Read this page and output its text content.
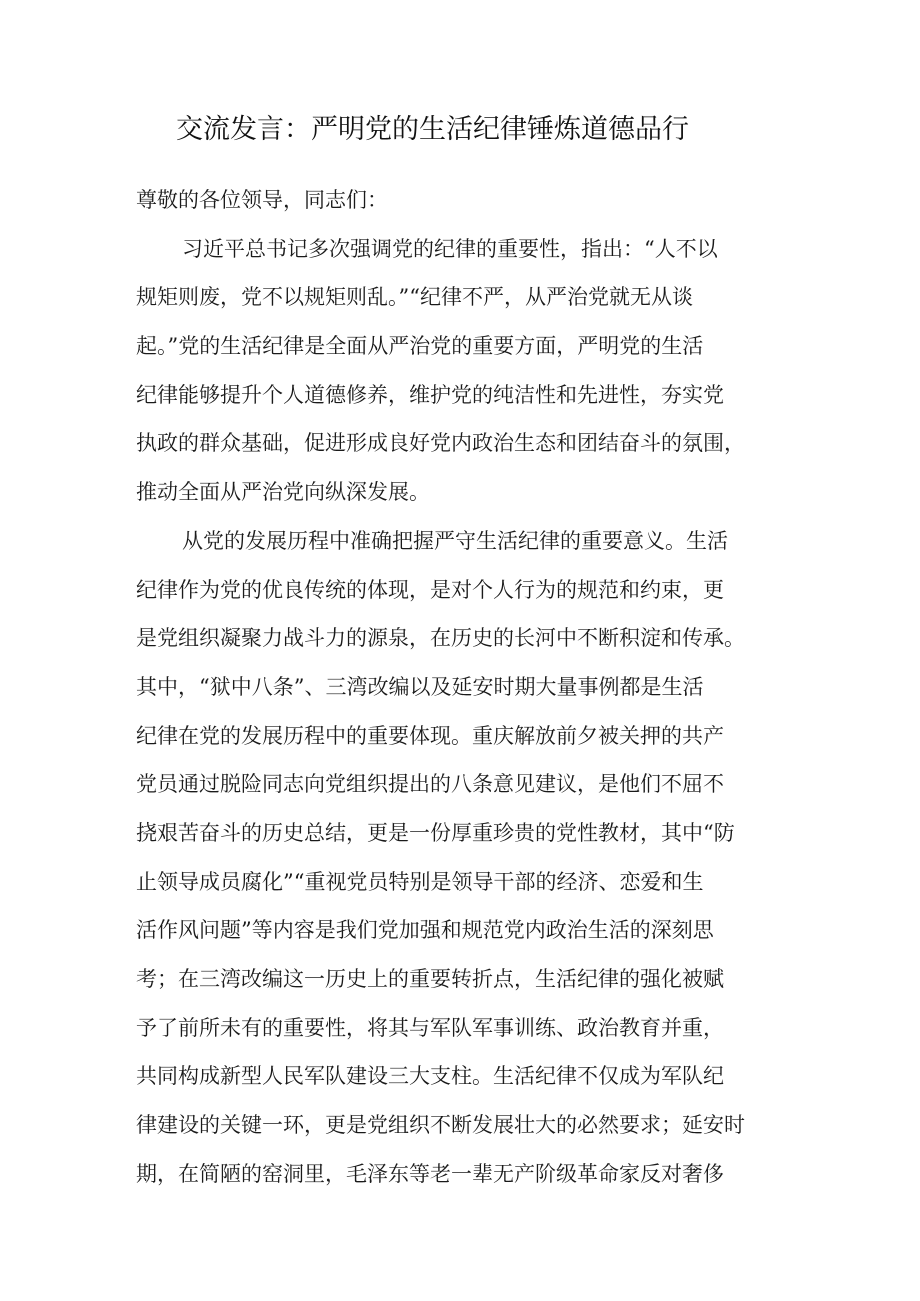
交流发言：严明党的生活纪律锤炼道德品行
尊敬的各位领导，同志们：
习近平总书记多次强调党的纪律的重要性，指出：“人不以
规矩则废，党不以规矩则乱。”“纪律不严，从严治党就无从谈
起。”党的生活纪律是全面从严治党的重要方面，严明党的生活
纪律能够提升个人道德修养，维护党的纯洁性和先进性，夯实党
执政的群众基础，促进形成良好党内政治生态和团结奋斗的氛围，
推动全面从严治党向纵深发展。
从党的发展历程中准确把握严守生活纪律的重要意义。生活
纪律作为党的优良传统的体现，是对个人行为的规范和约束，更
是党组织凝聚力战斗力的源泉，在历史的长河中不断积淀和传承。
其中，“狱中八条”、三湾改编以及延安时期大量事例都是生活
纪律在党的发展历程中的重要体现。重庆解放前夕被关押的共产
党员通过脱险同志向党组织提出的八条意见建议，是他们不屈不
挠艰苦奋斗的历史总结，更是一份厚重珍贵的党性教材，其中“防
止领导成员腐化”“重视党员特别是领导干部的经济、恋爱和生
活作风问题”等内容是我们党加强和规范党内政治生活的深刻思
考；在三湾改编这一历史上的重要转折点，生活纪律的强化被赋
予了前所未有的重要性，将其与军队军事训练、政治教育并重，
共同构成新型人民军队建设三大支柱。生活纪律不仅成为军队纪
律建设的关键一环，更是党组织不断发展壮大的必然要求；延安时
期，在简陋的窑洞里，毛泽东等老一辈无产阶级革命家反对奢侈
